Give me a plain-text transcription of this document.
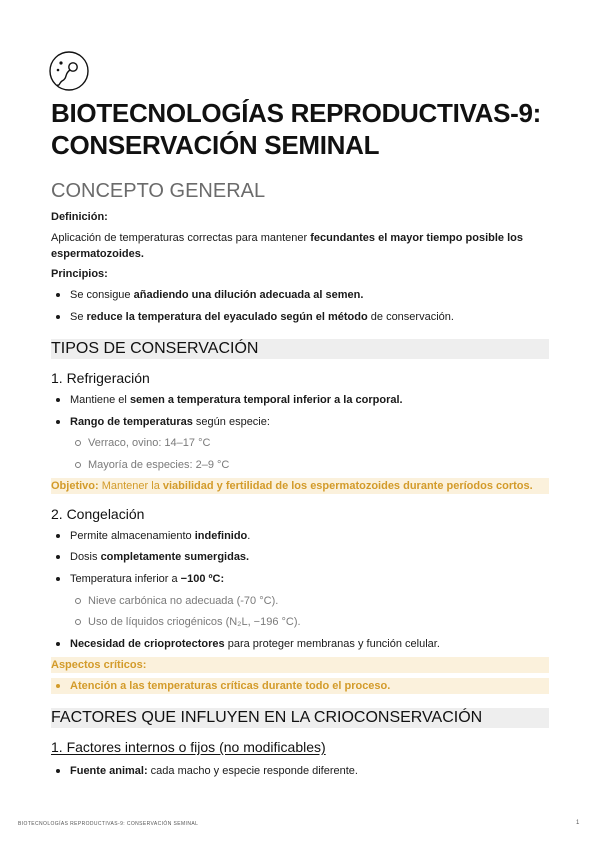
BIOTECNOLOGÍAS REPRODUCTIVAS-9:
CONSERVACIÓN SEMINAL
CONCEPTO GENERAL

Definición:

Aplicación de temperaturas correctas para mantener fecundantes el mayor tiempo posible los espermatozoides.

Principios:

Se consigue añadiendo una dilución adecuada al semen.
Se reduce la temperatura del eyaculado según el método de conservación.
TIPOS DE CONSERVACIÓN
1. Refrigeración
Mantiene el semen a temperatura temporal inferior a la corporal.
Rango de temperaturas según especie:
Verraco, ovino: 14–17 °C
Mayoría de especies: 2–9 °C
Objetivo: Mantener la viabilidad y fertilidad de los espermatozoides durante períodos cortos.
2. Congelación
Permite almacenamiento indefinido.
Dosis completamente sumergidas.
Temperatura inferior a −100 ºC:
Nieve carbónica no adecuada (-70 °C).
Uso de líquidos criogénicos (N₂L, −196 °C).
Necesidad de crioprotectores para proteger membranas y función celular.
Aspectos críticos:
Atención a las temperaturas críticas durante todo el proceso.
FACTORES QUE INFLUYEN EN LA CRIOCONSERVACIÓN
1. Factores internos o fijos (no modificables)
Fuente animal: cada macho y especie responde diferente.
BIOTECNOLOGÍAS REPRODUCTIVAS-9: CONSERVACIÓN SEMINAL	1
